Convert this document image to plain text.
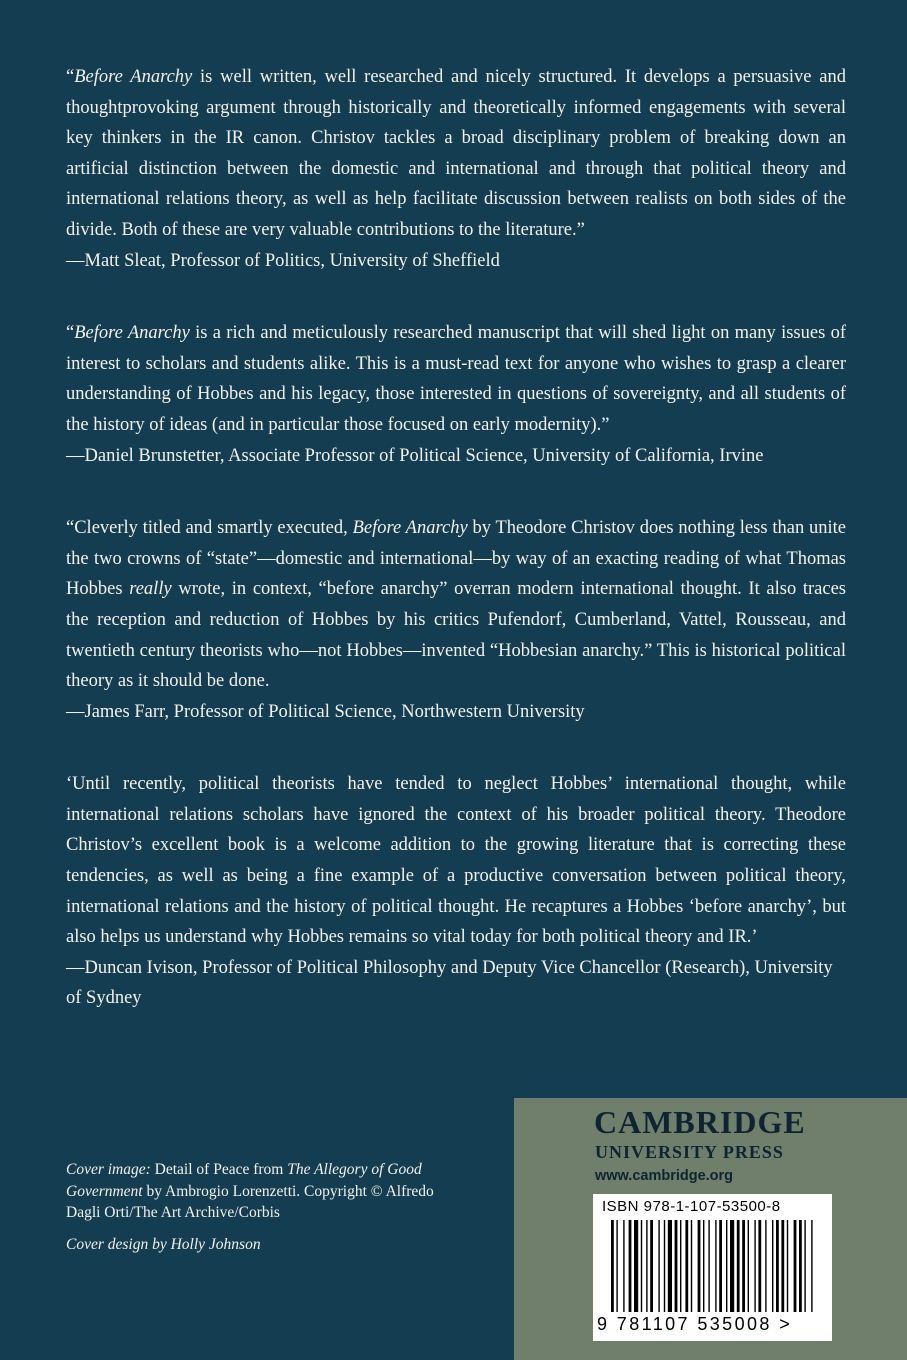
“Before Anarchy is well written, well researched and nicely structured. It develops a persuasive and thoughtprovoking argument through historically and theoretically informed engagements with several key thinkers in the IR canon. Christov tackles a broad disciplinary problem of breaking down an artificial distinction between the domestic and international and through that political theory and international relations theory, as well as help facilitate discussion between realists on both sides of the divide. Both of these are very valuable contributions to the literature.”

—Matt Sleat, Professor of Politics, University of Sheffield

“Before Anarchy is a rich and meticulously researched manuscript that will shed light on many issues of interest to scholars and students alike. This is a must-read text for anyone who wishes to grasp a clearer understanding of Hobbes and his legacy, those interested in questions of sovereignty, and all students of the history of ideas (and in particular those focused on early modernity).”

—Daniel Brunstetter, Associate Professor of Political Science, University of California, Irvine

“Cleverly titled and smartly executed, Before Anarchy by Theodore Christov does nothing less than unite the two crowns of “state”—domestic and international—by way of an exacting reading of what Thomas Hobbes really wrote, in context, “before anarchy” overran modern international thought. It also traces the reception and reduction of Hobbes by his critics Pufendorf, Cumberland, Vattel, Rousseau, and twentieth century theorists who—not Hobbes—invented “Hobbesian anarchy.” This is historical political theory as it should be done.

—James Farr, Professor of Political Science, Northwestern University

‘Until recently, political theorists have tended to neglect Hobbes’ international thought, while international relations scholars have ignored the context of his broader political theory. Theodore Christov’s excellent book is a welcome addition to the growing literature that is correcting these tendencies, as well as being a fine example of a productive conversation between political theory, international relations and the history of political thought. He recaptures a Hobbes ‘before anarchy’, but also helps us understand why Hobbes remains so vital today for both political theory and IR.’

—Duncan Ivison, Professor of Political Philosophy and Deputy Vice Chancellor (Research), University of Sydney

Cover image: Detail of Peace from The Allegory of Good Government by Ambrogio Lorenzetti. Copyright © Alfredo Dagli Orti/The Art Archive/Corbis

Cover design by Holly Johnson

CAMBRIDGE
UNIVERSITY PRESS
www.cambridge.org
ISBN 978-1-107-53500-8
9 781107 535008 >
